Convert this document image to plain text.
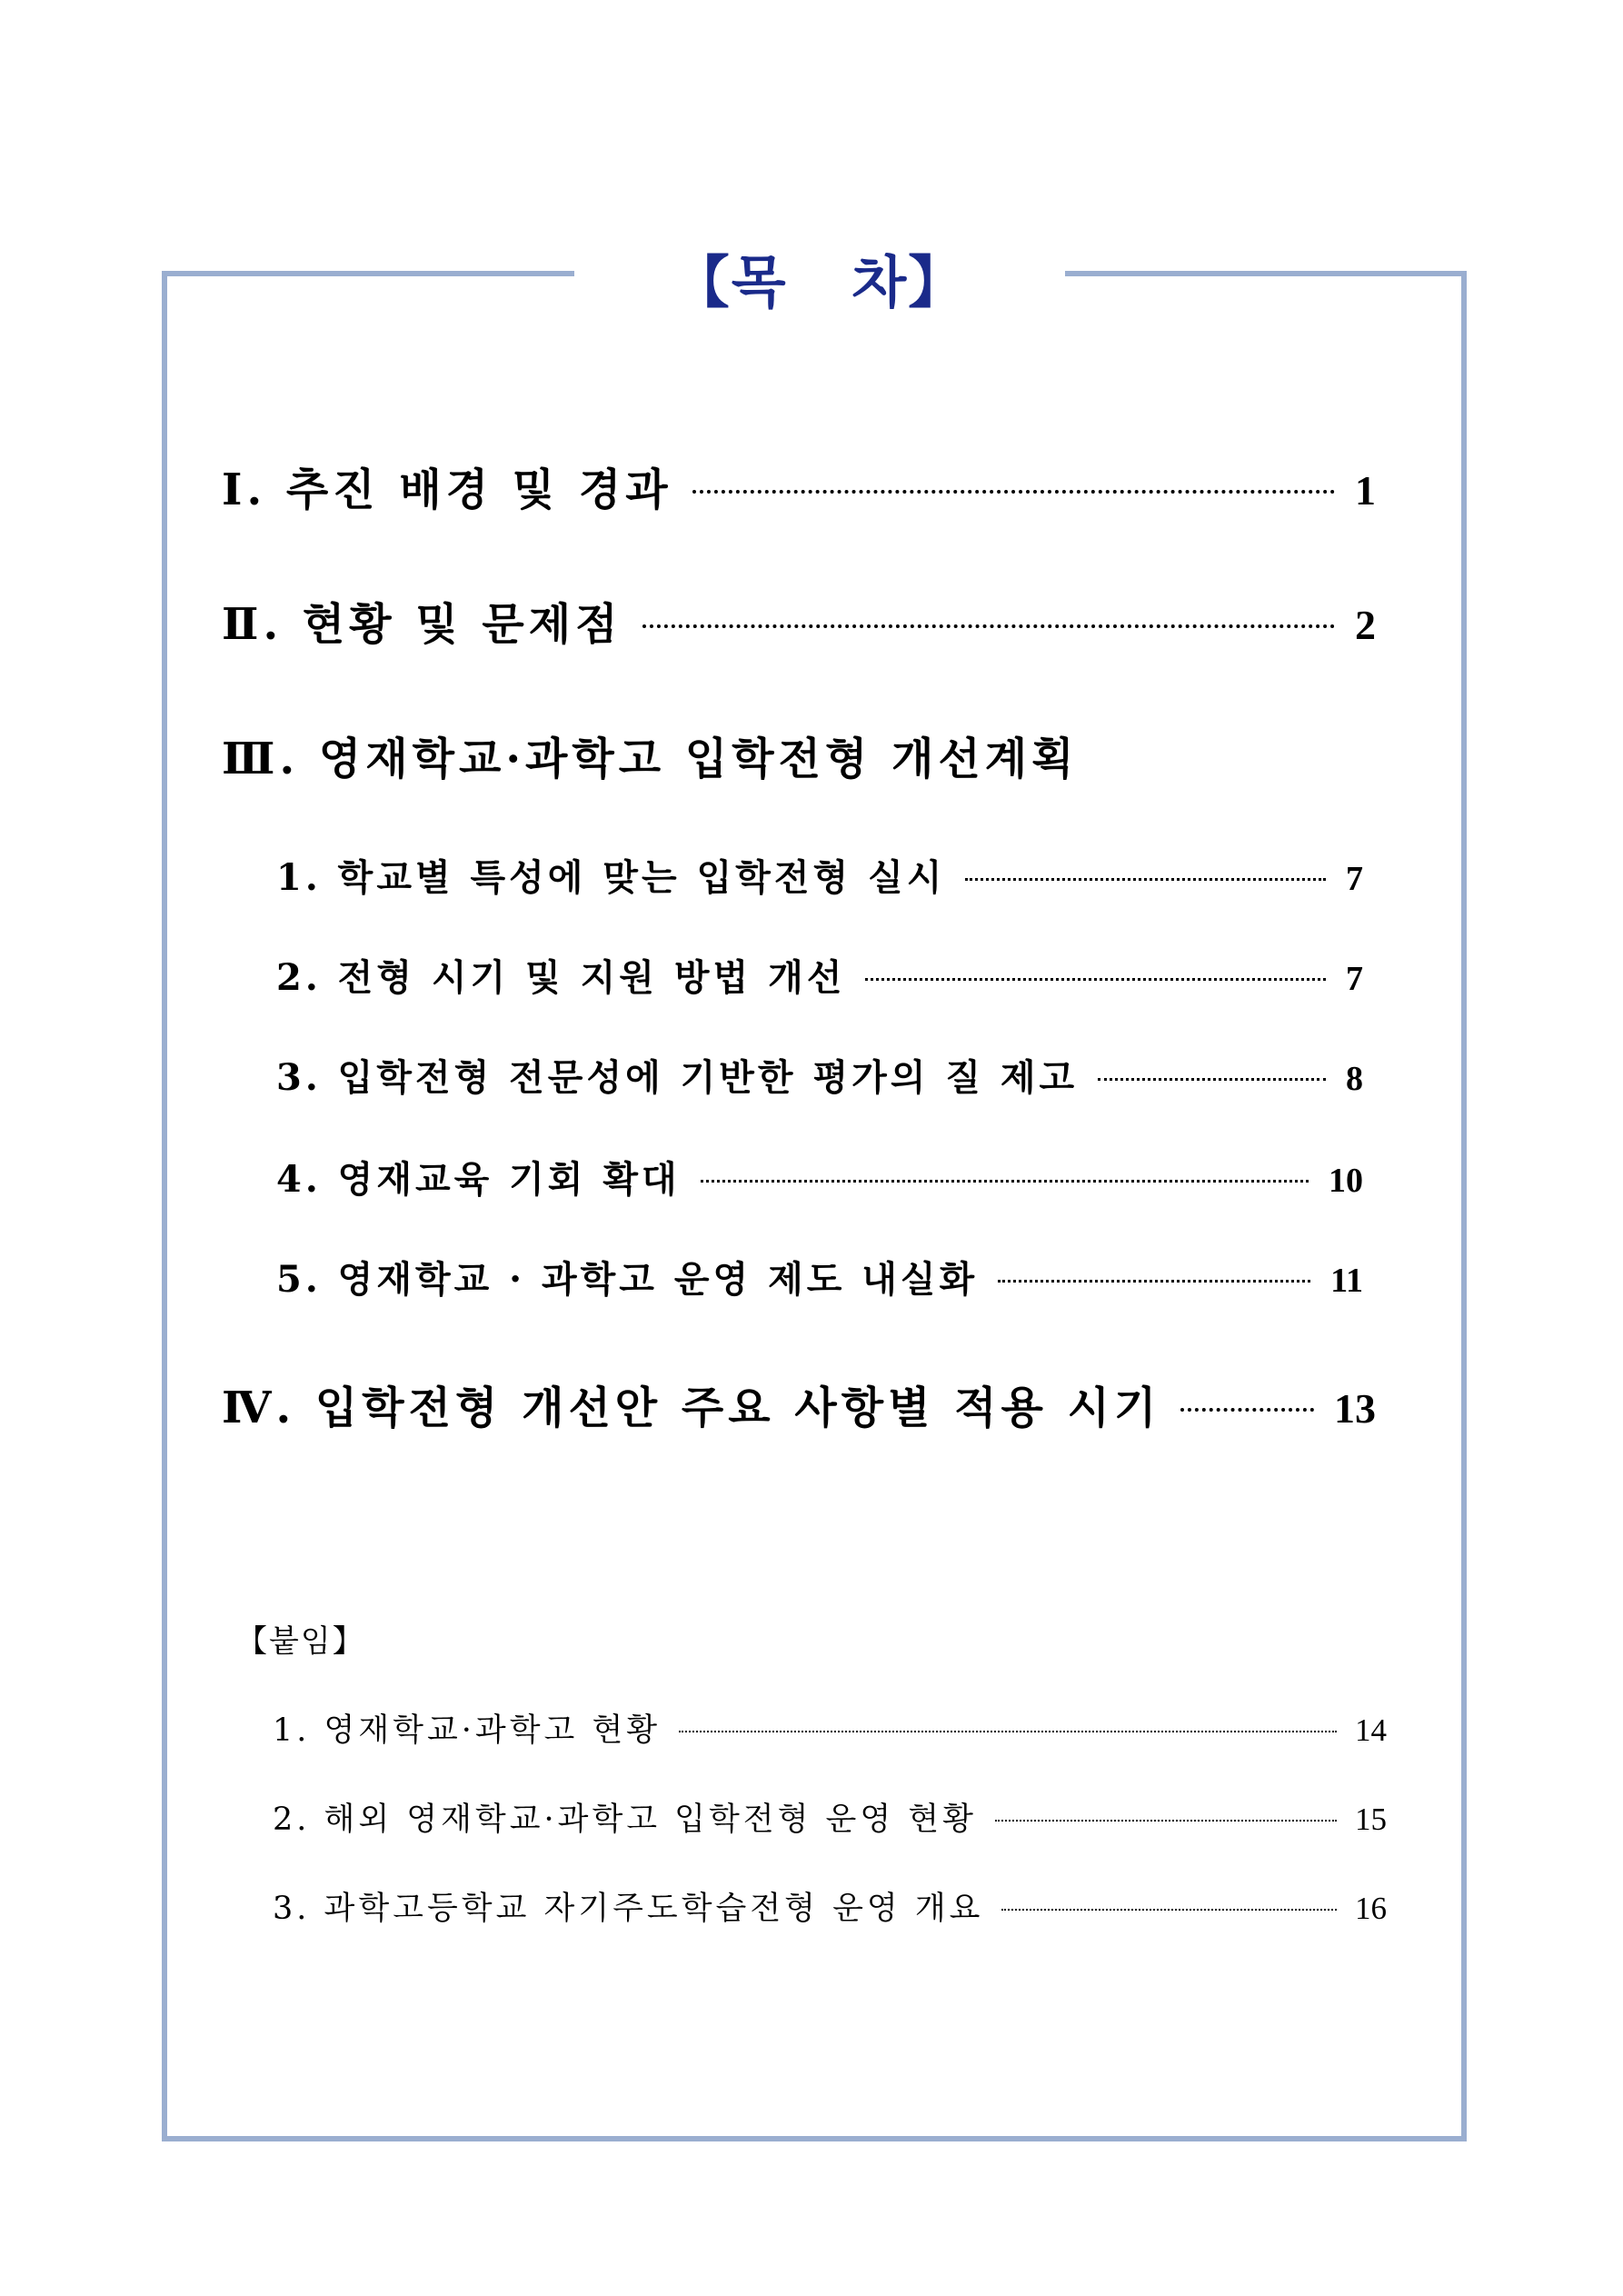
【목   차】
Ⅰ. 추진 배경 및 경과	1
Ⅱ. 현황 및 문제점	2
Ⅲ. 영재학교·과학고 입학전형 개선계획
1. 학교별 특성에 맞는 입학전형 실시	7
2. 전형 시기 및 지원 방법 개선	7
3. 입학전형 전문성에 기반한 평가의 질 제고	8
4. 영재교육 기회 확대	10
5. 영재학교 · 과학고 운영 제도 내실화	11
Ⅳ. 입학전형 개선안 주요 사항별 적용 시기	13
【붙임】
1. 영재학교·과학고 현황	14
2. 해외 영재학교·과학고 입학전형 운영 현황	15
3. 과학고등학교 자기주도학습전형 운영 개요	16
